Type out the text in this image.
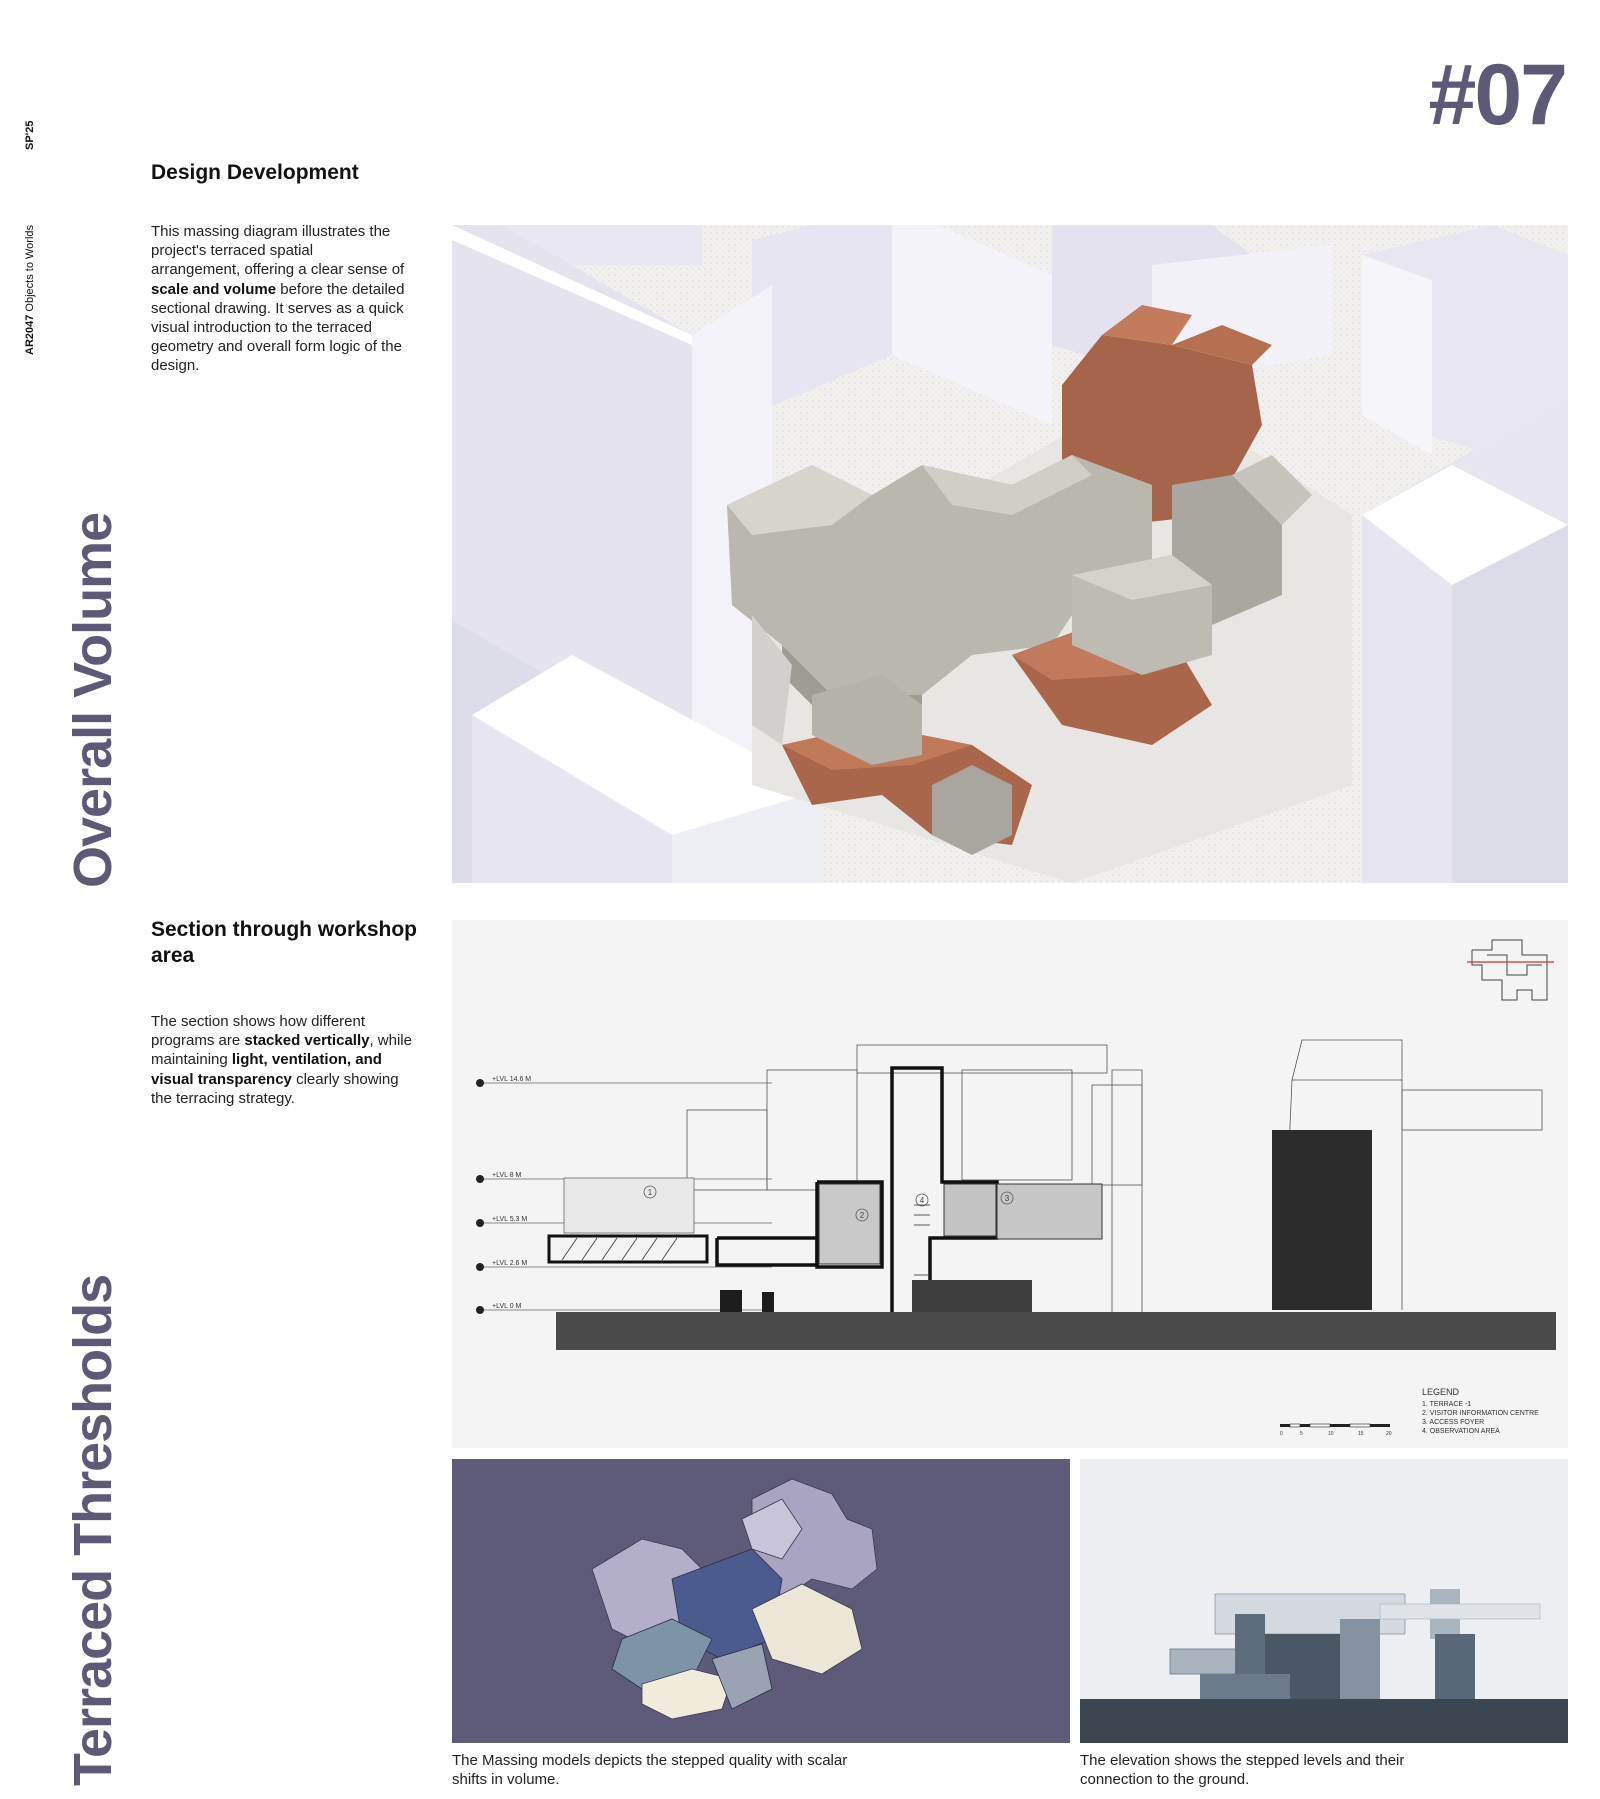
SP'25
AR2047 Objects to Worlds
#07
Overall Volume
Terraced Thresholds
Design Development
This massing diagram illustrates the project's terraced spatial arrangement, offering a clear sense of scale and volume before the detailed sectional drawing. It serves as a quick visual introduction to the terraced geometry and overall form logic of the design.
Section through workshop area
The section shows how different programs are stacked vertically, while maintaining light, ventilation, and visual transparency clearly showing the terracing strategy.
+LVL 14.6 M
+LVL 8 M
+LVL 5.3 M
+LVL 2.6 M
+LVL 0 M
1
2
3
4
LEGEND
1. TERRACE -1
2. VISITOR INFORMATION CENTRE
3. ACCESS FOYER
4. OBSERVATION AREA
0	5	10	15	20
The Massing models depicts the stepped quality with scalar shifts in volume.
The elevation shows the stepped levels and their connection to the ground.
